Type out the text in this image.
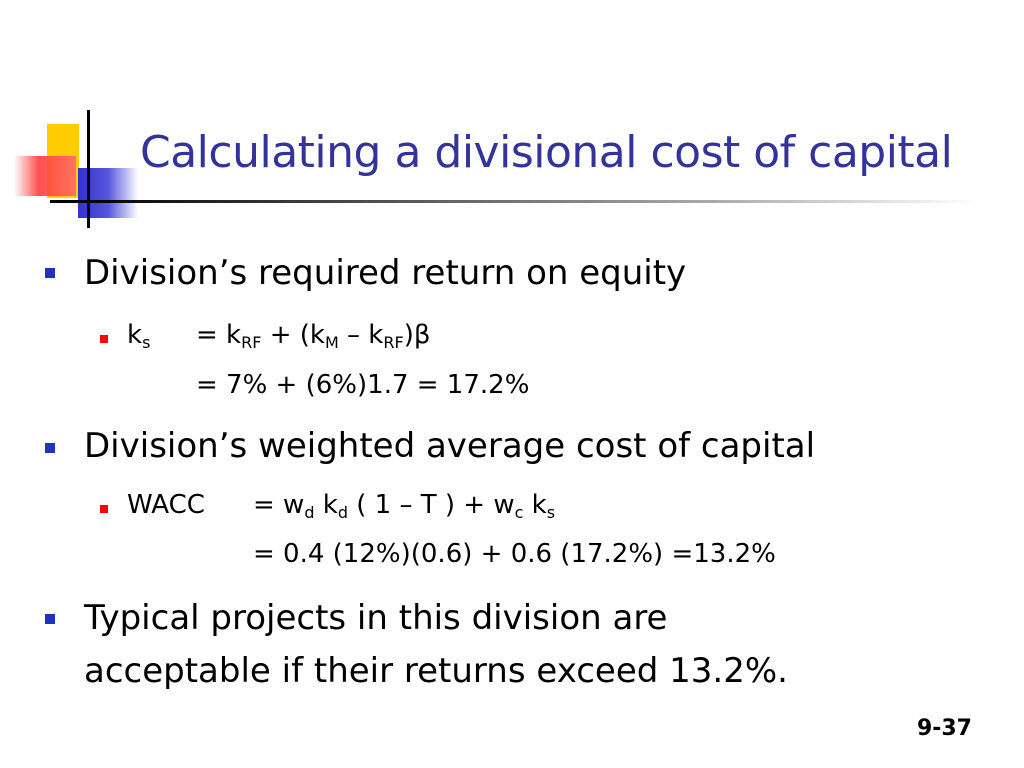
Calculating a divisional cost of capital
Division’s required return on equity
$k_s = k_{RF} + (k_M - k_{RF})\beta$
= 7% + (6%)1.7 = 17.2%
Division’s weighted average cost of capital
WACC = $w_d$ $k_d$ ( 1 – T ) + $w_c$ $k_s$
= 0.4 (12%)(0.6) + 0.6 (17.2%) =13.2%
Typical projects in this division are
acceptable if their returns exceed 13.2%.
9-37
